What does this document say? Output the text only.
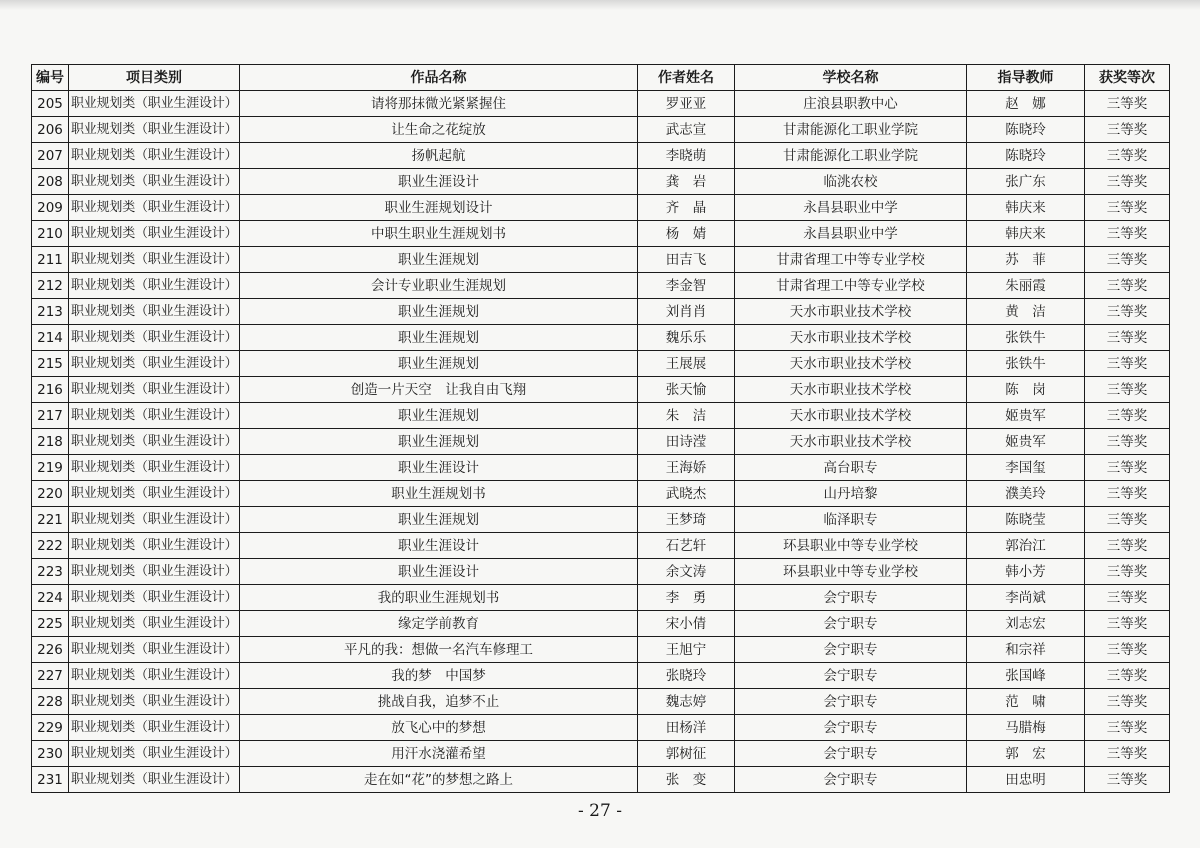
编号	项目类别	作品名称	作者姓名	学校名称	指导教师	获奖等次
205	职业规划类（职业生涯设计）	请将那抹微光紧紧握住	罗亚亚	庄浪县职教中心	赵　娜	三等奖
206	职业规划类（职业生涯设计）	让生命之花绽放	武志宣	甘肃能源化工职业学院	陈晓玲	三等奖
207	职业规划类（职业生涯设计）	扬帆起航	李晓萌	甘肃能源化工职业学院	陈晓玲	三等奖
208	职业规划类（职业生涯设计）	职业生涯设计	龚　岩	临洮农校	张广东	三等奖
209	职业规划类（职业生涯设计）	职业生涯规划设计	齐　晶	永昌县职业中学	韩庆来	三等奖
210	职业规划类（职业生涯设计）	中职生职业生涯规划书	杨　婧	永昌县职业中学	韩庆来	三等奖
211	职业规划类（职业生涯设计）	职业生涯规划	田吉飞	甘肃省理工中等专业学校	苏　菲	三等奖
212	职业规划类（职业生涯设计）	会计专业职业生涯规划	李金智	甘肃省理工中等专业学校	朱丽霞	三等奖
213	职业规划类（职业生涯设计）	职业生涯规划	刘肖肖	天水市职业技术学校	黄　洁	三等奖
214	职业规划类（职业生涯设计）	职业生涯规划	魏乐乐	天水市职业技术学校	张铁牛	三等奖
215	职业规划类（职业生涯设计）	职业生涯规划	王展展	天水市职业技术学校	张铁牛	三等奖
216	职业规划类（职业生涯设计）	创造一片天空　让我自由飞翔	张天愉	天水市职业技术学校	陈　岗	三等奖
217	职业规划类（职业生涯设计）	职业生涯规划	朱　洁	天水市职业技术学校	姬贵军	三等奖
218	职业规划类（职业生涯设计）	职业生涯规划	田诗滢	天水市职业技术学校	姬贵军	三等奖
219	职业规划类（职业生涯设计）	职业生涯设计	王海娇	高台职专	李国玺	三等奖
220	职业规划类（职业生涯设计）	职业生涯规划书	武晓杰	山丹培黎	濮美玲	三等奖
221	职业规划类（职业生涯设计）	职业生涯规划	王梦琦	临泽职专	陈晓莹	三等奖
222	职业规划类（职业生涯设计）	职业生涯设计	石艺轩	环县职业中等专业学校	郭治江	三等奖
223	职业规划类（职业生涯设计）	职业生涯设计	余文涛	环县职业中等专业学校	韩小芳	三等奖
224	职业规划类（职业生涯设计）	我的职业生涯规划书	李　勇	会宁职专	李尚斌	三等奖
225	职业规划类（职业生涯设计）	缘定学前教育	宋小倩	会宁职专	刘志宏	三等奖
226	职业规划类（职业生涯设计）	平凡的我：想做一名汽车修理工	王旭宁	会宁职专	和宗祥	三等奖
227	职业规划类（职业生涯设计）	我的梦　中国梦	张晓玲	会宁职专	张国峰	三等奖
228	职业规划类（职业生涯设计）	挑战自我，追梦不止	魏志婷	会宁职专	范　啸	三等奖
229	职业规划类（职业生涯设计）	放飞心中的梦想	田杨洋	会宁职专	马腊梅	三等奖
230	职业规划类（职业生涯设计）	用汗水浇灌希望	郭树征	会宁职专	郭　宏	三等奖
231	职业规划类（职业生涯设计）	走在如“花”的梦想之路上	张　变	会宁职专	田忠明	三等奖
- 27 -
